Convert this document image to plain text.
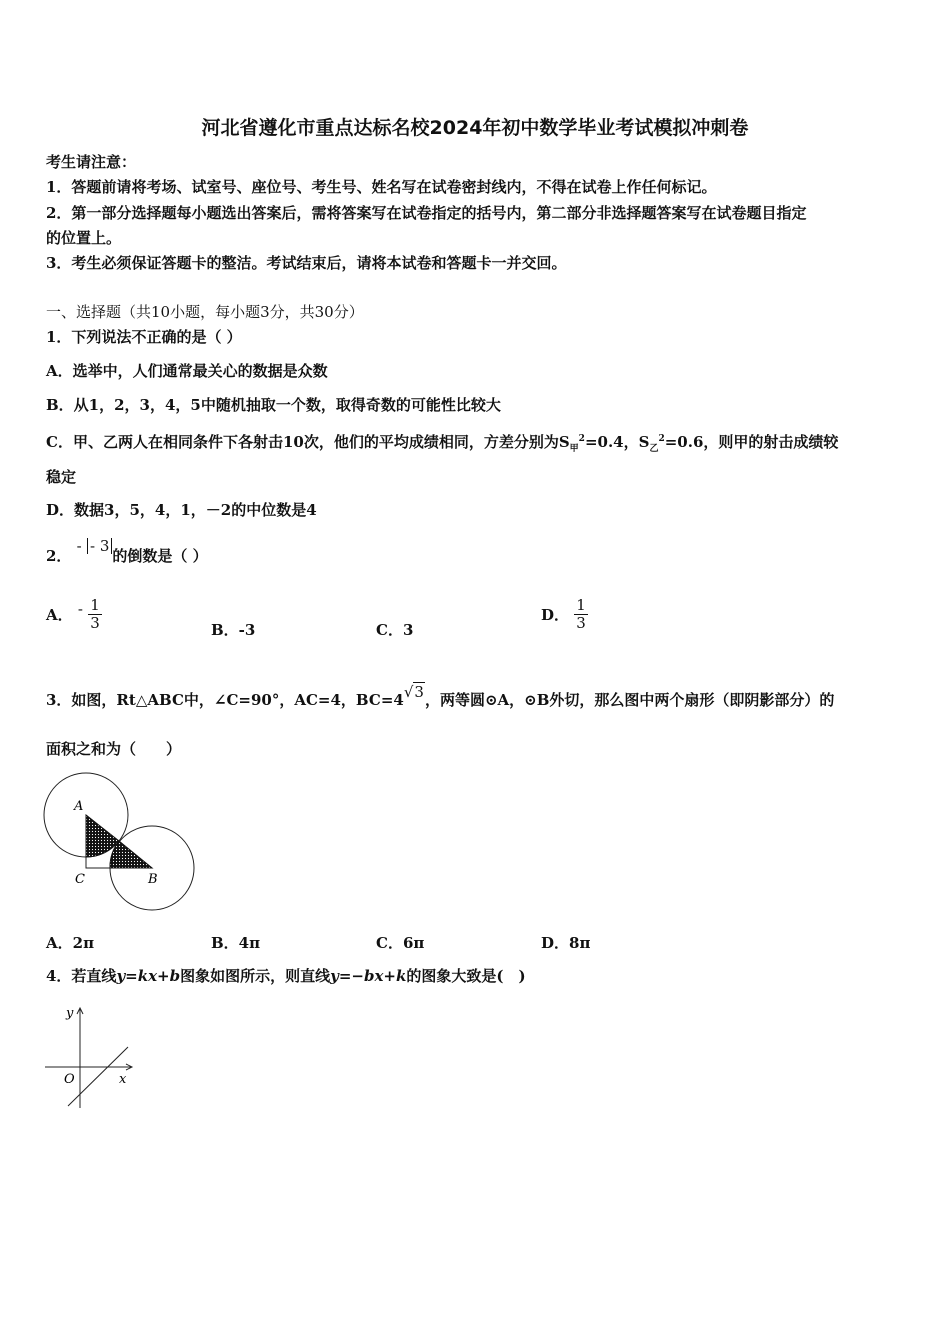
河北省遵化市重点达标名校2024年初中数学毕业考试模拟冲刺卷
考生请注意：
1．答题前请将考场、试室号、座位号、考生号、姓名写在试卷密封线内，不得在试卷上作任何标记。
2．第一部分选择题每小题选出答案后，需将答案写在试卷指定的括号内，第二部分非选择题答案写在试卷题目指定
的位置上。
3．考生必须保证答题卡的整洁。考试结束后，请将本试卷和答题卡一并交回。
一、选择题（共10小题，每小题3分，共30分）
1．下列说法不正确的是（ ）
A．选举中，人们通常最关心的数据是众数
B．从1，2，3，4，5中随机抽取一个数，取得奇数的可能性比较大
C．甲、乙两人在相同条件下各射击10次，他们的平均成绩相同，方差分别为$S_甲^2=0.4$，$S_乙^2=0.6$，则甲的射击成绩较
稳定
D．数据3，5，4，1，－2的中位数是4
2． - - 3的倒数是（ ）
A． - $\frac{1}{3}$	B．-3	C．3
D． $\frac{1}{3}$
3．如图，Rt△ABC中，∠C=90°，AC=4，BC=4√3，两等圆⊙A，⊙B外切，那么图中两个扇形（即阴影部分）的
面积之和为（　　）
A
C	B
A．2π	B．4π	C．6π	D．8π
4．若直线y=kx+b图象如图所示，则直线y=−bx+k的图象大致是(　)
y
x
O
